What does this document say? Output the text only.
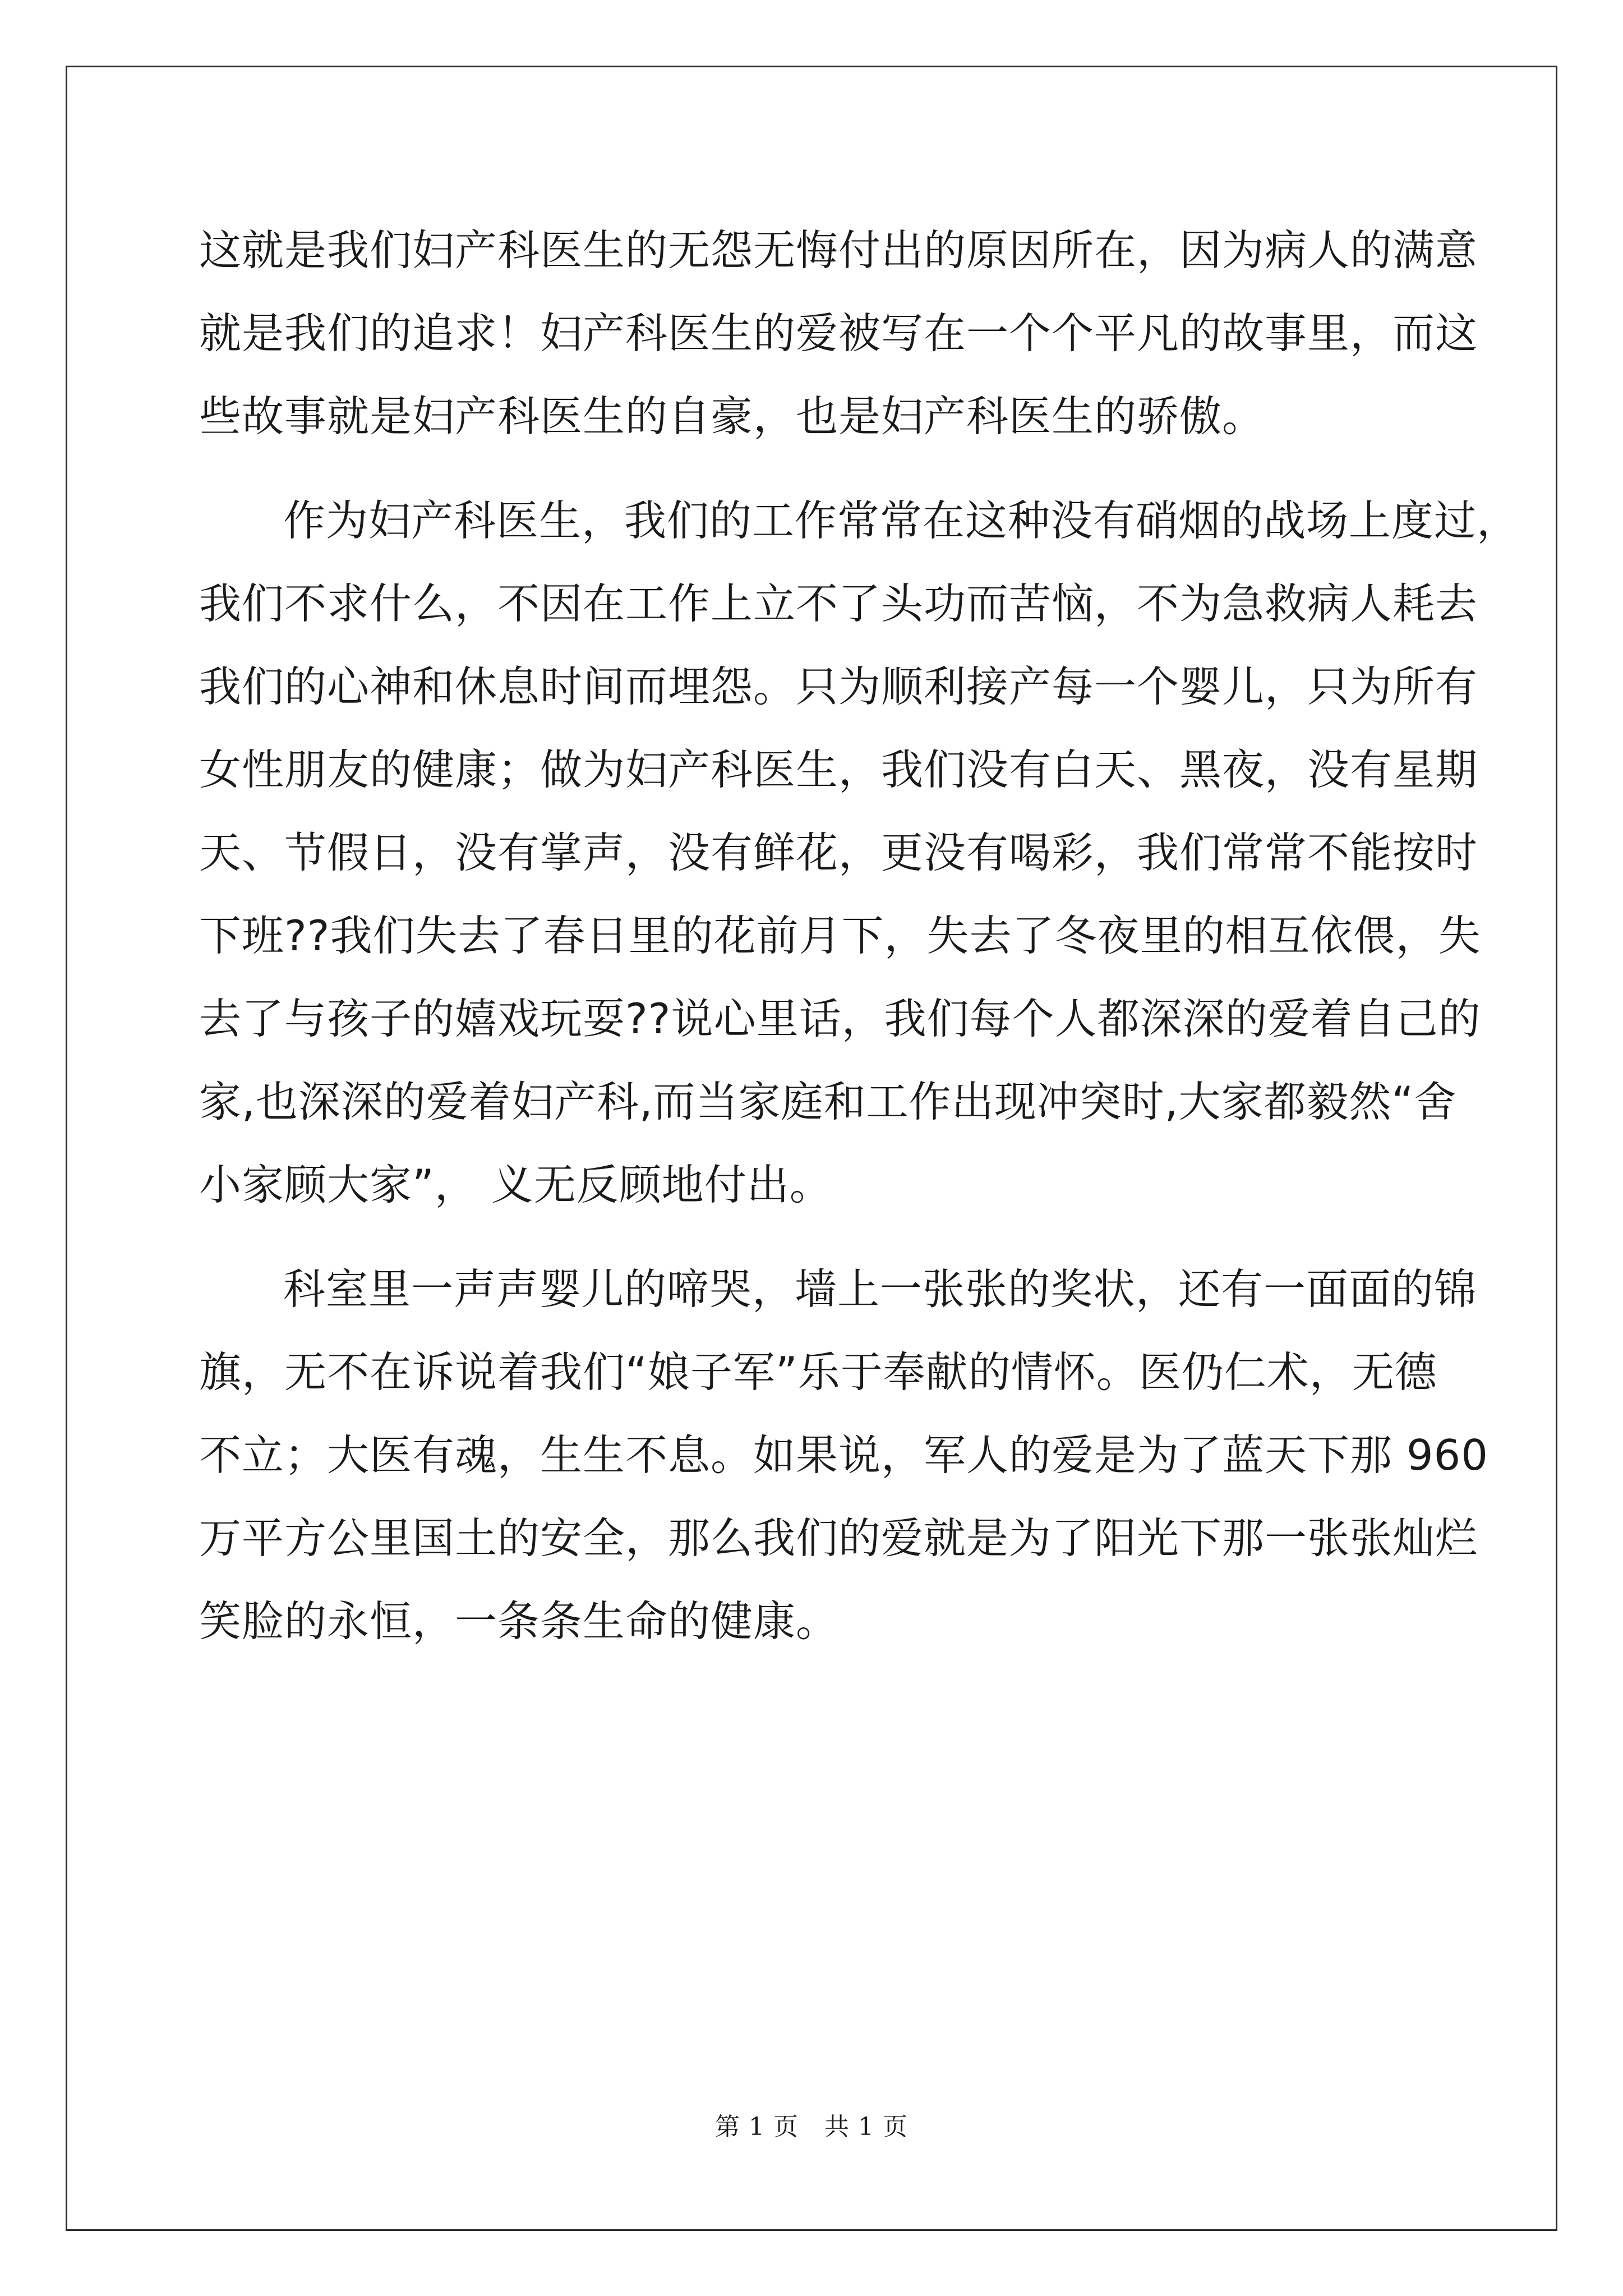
这就是我们妇产科医生的无怨无悔付出的原因所在，因为病人的满意
就是我们的追求！妇产科医生的爱被写在一个个平凡的故事里，而这
些故事就是妇产科医生的自豪，也是妇产科医生的骄傲。
作为妇产科医生，我们的工作常常在这种没有硝烟的战场上度过，
我们不求什么，不因在工作上立不了头功而苦恼，不为急救病人耗去
我们的心神和休息时间而埋怨。只为顺利接产每一个婴儿，只为所有
女性朋友的健康；做为妇产科医生，我们没有白天、黑夜，没有星期
天、节假日，没有掌声，没有鲜花，更没有喝彩，我们常常不能按时
下班??我们失去了春日里的花前月下，失去了冬夜里的相互依偎，失
去了与孩子的嬉戏玩耍??说心里话，我们每个人都深深的爱着自己的
家,也深深的爱着妇产科,而当家庭和工作出现冲突时,大家都毅然“舍
小家顾大家”， 义无反顾地付出。
科室里一声声婴儿的啼哭，墙上一张张的奖状，还有一面面的锦
旗，无不在诉说着我们“娘子军”乐于奉献的情怀。医仍仁术，无德
不立；大医有魂，生生不息。如果说，军人的爱是为了蓝天下那 960
万平方公里国土的安全，那么我们的爱就是为了阳光下那一张张灿烂
笑脸的永恒，一条条生命的健康。
第 1 页 共 1 页
